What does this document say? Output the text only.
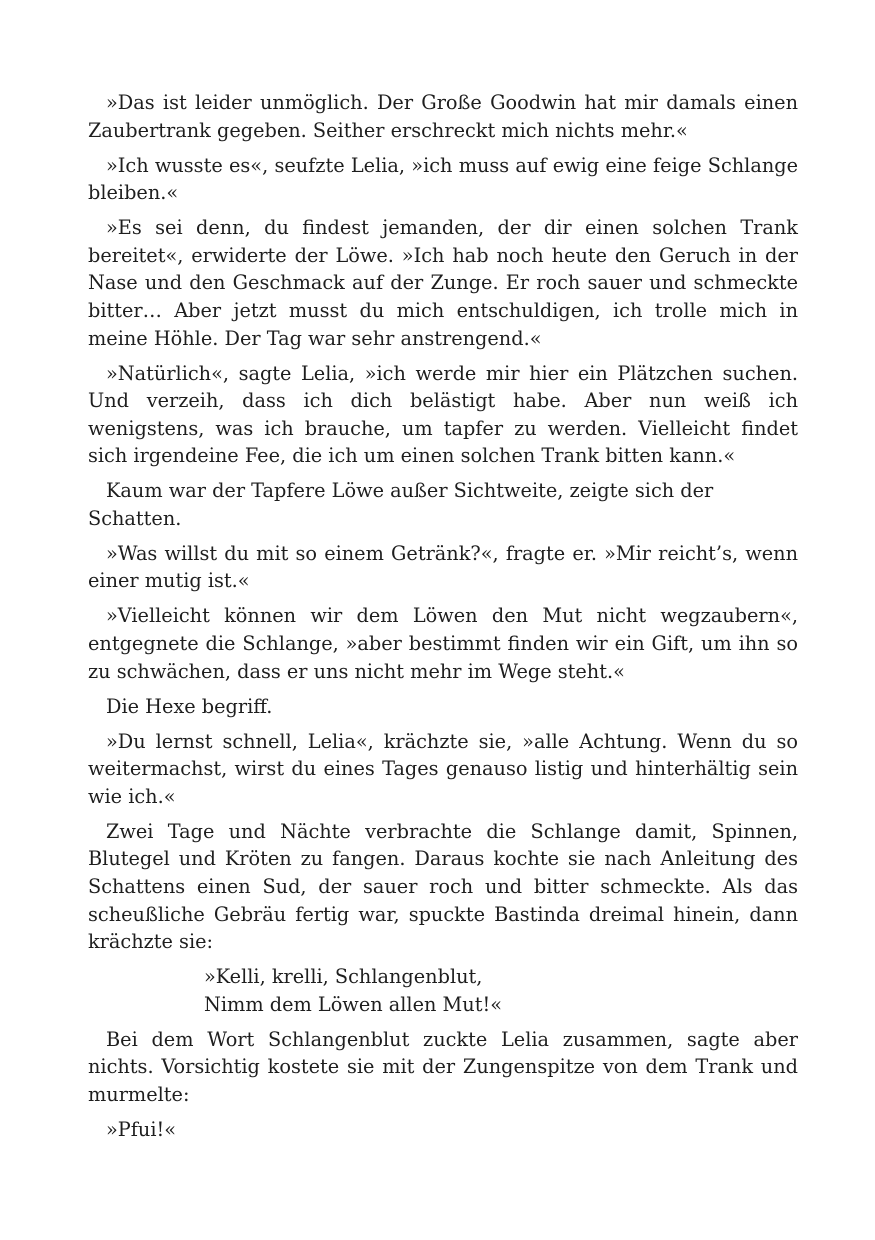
»Das ist leider unmöglich. Der Große Goodwin hat mir damals einen Zaubertrank gegeben. Seither erschreckt mich nichts mehr.«

»Ich wusste es«, seufzte Lelia, »ich muss auf ewig eine feige Schlange bleiben.«

»Es sei denn, du findest jemanden, der dir einen solchen Trank bereitet«, erwiderte der Löwe. »Ich hab noch heute den Geruch in der Nase und den Geschmack auf der Zunge. Er roch sauer und schmeckte bitter… Aber jetzt musst du mich entschuldigen, ich trolle mich in meine Höhle. Der Tag war sehr anstrengend.«

»Natürlich«, sagte Lelia, »ich werde mir hier ein Plätzchen suchen. Und verzeih, dass ich dich belästigt habe. Aber nun weiß ich wenigstens, was ich brauche, um tapfer zu werden. Vielleicht findet sich irgendeine Fee, die ich um einen solchen Trank bitten kann.«

Kaum war der Tapfere Löwe außer Sichtweite, zeigte sich der Schatten.

»Was willst du mit so einem Getränk?«, fragte er. »Mir reicht’s, wenn einer mutig ist.«

»Vielleicht können wir dem Löwen den Mut nicht wegzaubern«, entgegnete die Schlange, »aber bestimmt finden wir ein Gift, um ihn so zu schwächen, dass er uns nicht mehr im Wege steht.«

Die Hexe begriff.

»Du lernst schnell, Lelia«, krächzte sie, »alle Achtung. Wenn du so weitermachst, wirst du eines Tages genauso listig und hinterhältig sein wie ich.«

Zwei Tage und Nächte verbrachte die Schlange damit, Spinnen, Blutegel und Kröten zu fangen. Daraus kochte sie nach Anleitung des Schattens einen Sud, der sauer roch und bitter schmeckte. Als das scheußliche Gebräu fertig war, spuckte Bastinda dreimal hinein, dann krächzte sie:

»Kelli, krelli, Schlangenblut,
Nimm dem Löwen allen Mut!«

Bei dem Wort Schlangenblut zuckte Lelia zusammen, sagte aber nichts. Vorsichtig kostete sie mit der Zungenspitze von dem Trank und murmelte:

»Pfui!«
